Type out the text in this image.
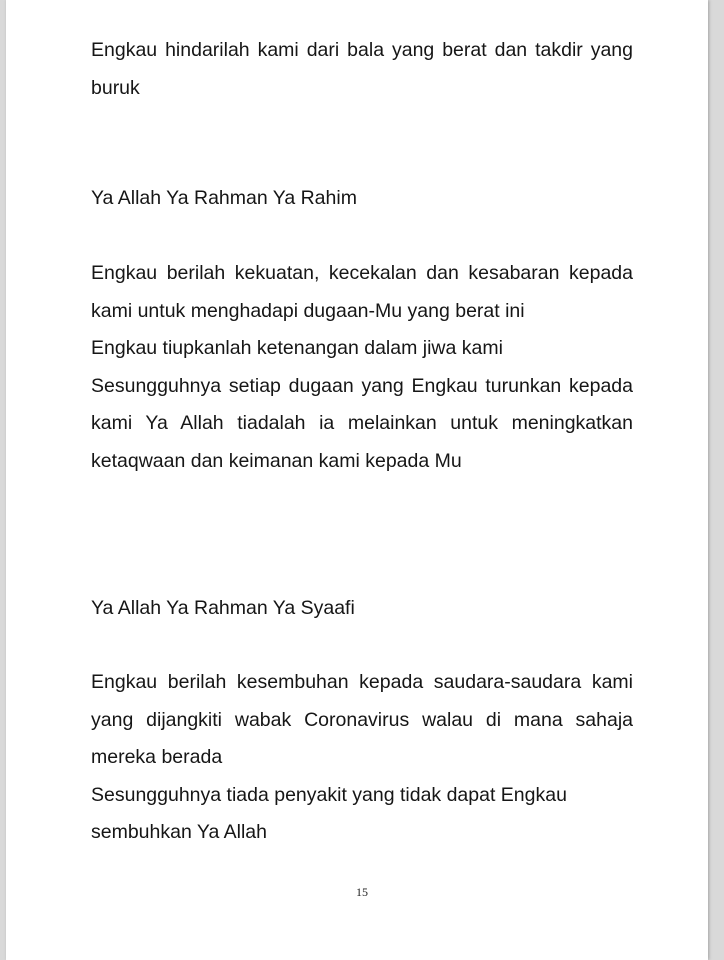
Engkau hindarilah kami dari bala yang berat dan takdir yang buruk

Ya Allah Ya Rahman Ya Rahim

Engkau berilah kekuatan, kecekalan dan kesabaran kepada kami untuk menghadapi dugaan-Mu yang berat ini

Engkau tiupkanlah ketenangan dalam jiwa kami

Sesungguhnya setiap dugaan yang Engkau turunkan kepada kami Ya Allah tiadalah ia melainkan untuk meningkatkan ketaqwaan dan keimanan kami kepada Mu

Ya Allah Ya Rahman Ya Syaafi

Engkau berilah kesembuhan kepada saudara-saudara kami yang dijangkiti wabak Coronavirus walau di mana sahaja mereka berada

Sesungguhnya tiada penyakit yang tidak dapat Engkau sembuhkan Ya Allah

15
